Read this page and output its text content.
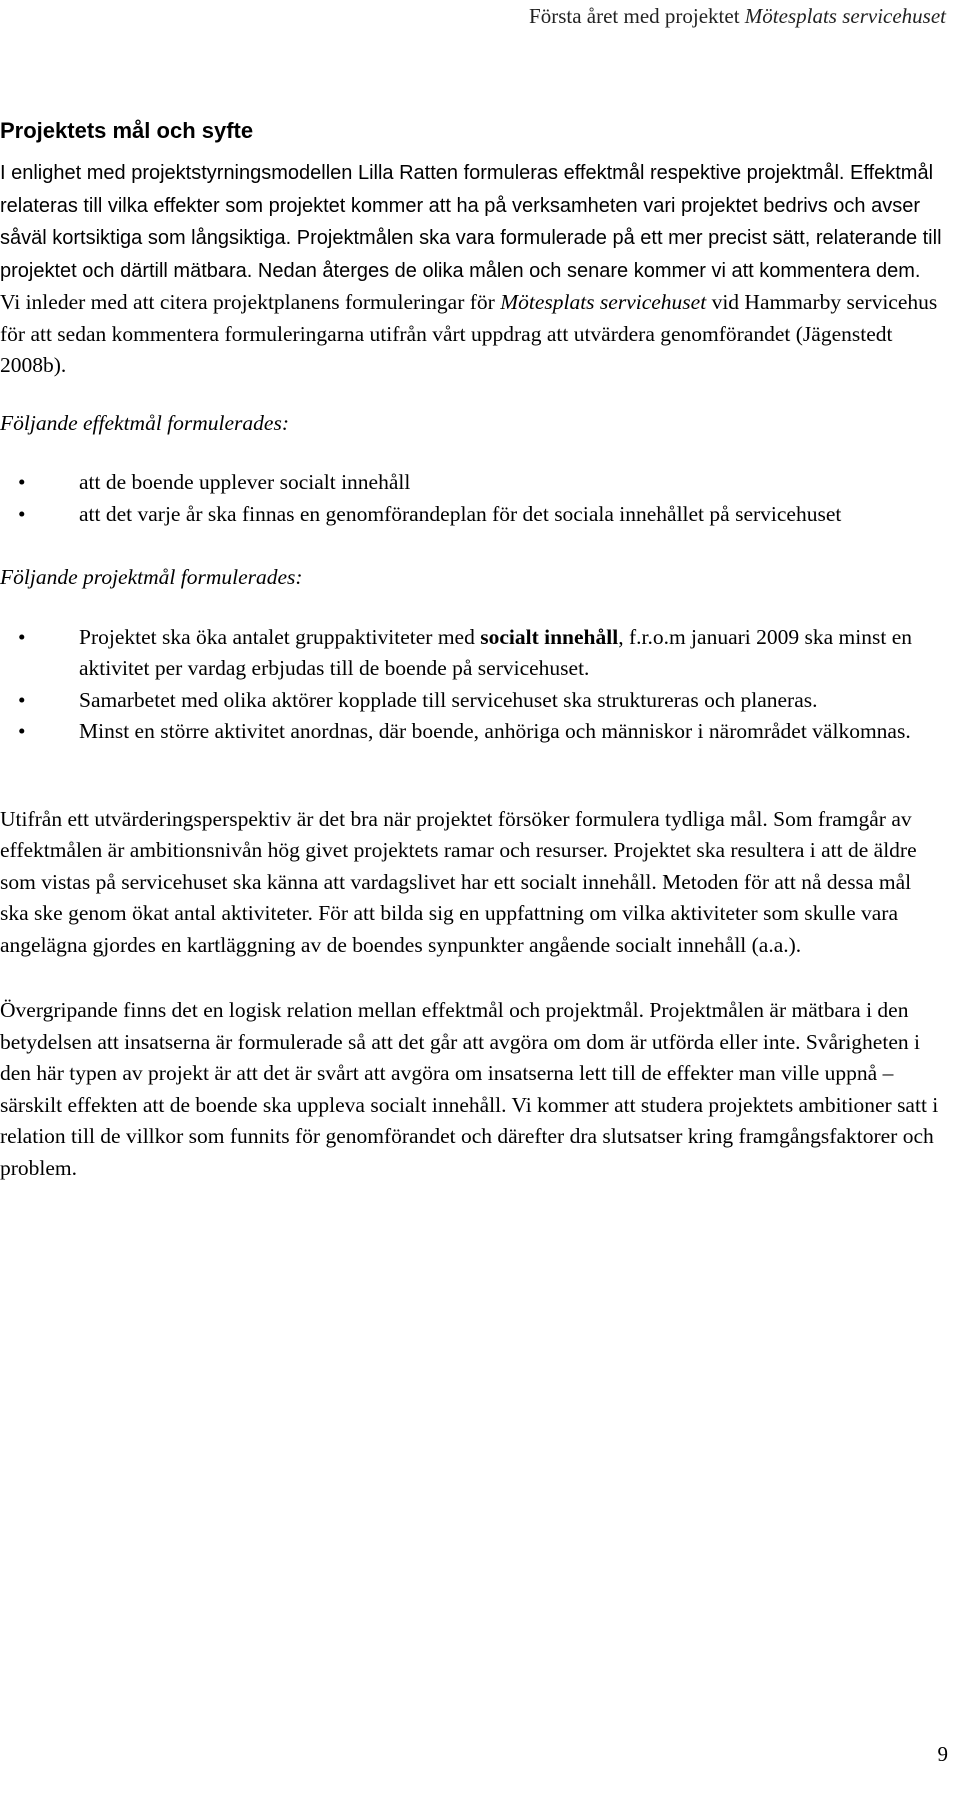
Första året med projektet Mötesplats servicehuset
Projektets mål och syfte

I enlighet med projektstyrningsmodellen Lilla Ratten formuleras effektmål respektive projektmål. Effektmål relateras till vilka effekter som projektet kommer att ha på verksamheten vari projektet bedrivs och avser såväl kortsiktiga som långsiktiga. Projektmålen ska vara formulerade på ett mer precist sätt, relaterande till projektet och därtill mätbara. Nedan återges de olika målen och senare kommer vi att kommentera dem. Vi inleder med att citera projektplanens formuleringar för Mötesplats servicehuset vid Hammarby servicehus för att sedan kommentera formuleringarna utifrån vårt uppdrag att utvärdera genomförandet (Jägenstedt 2008b).

Följande effektmål formulerades:

• att de boende upplever socialt innehåll
• att det varje år ska finnas en genomförandeplan för det sociala innehållet på servicehuset

Följande projektmål formulerades:

• Projektet ska öka antalet gruppaktiviteter med socialt innehåll, f.r.o.m januari 2009 ska minst en aktivitet per vardag erbjudas till de boende på servicehuset.
• Samarbetet med olika aktörer kopplade till servicehuset ska struktureras och planeras.
• Minst en större aktivitet anordnas, där boende, anhöriga och människor i närområdet välkomnas.

Utifrån ett utvärderingsperspektiv är det bra när projektet försöker formulera tydliga mål. Som framgår av effektmålen är ambitionsnivån hög givet projektets ramar och resurser. Projektet ska resultera i att de äldre som vistas på servicehuset ska känna att vardagslivet har ett socialt innehåll. Metoden för att nå dessa mål ska ske genom ökat antal aktiviteter. För att bilda sig en uppfattning om vilka aktiviteter som skulle vara angelägna gjordes en kartläggning av de boendes synpunkter angående socialt innehåll (a.a.).

Övergripande finns det en logisk relation mellan effektmål och projektmål. Projektmålen är mätbara i den betydelsen att insatserna är formulerade så att det går att avgöra om dom är utförda eller inte. Svårigheten i den här typen av projekt är att det är svårt att avgöra om insatserna lett till de effekter man ville uppnå – särskilt effekten att de boende ska uppleva socialt innehåll. Vi kommer att studera projektets ambitioner satt i relation till de villkor som funnits för genomförandet och därefter dra slutsatser kring framgångsfaktorer och problem.

9
